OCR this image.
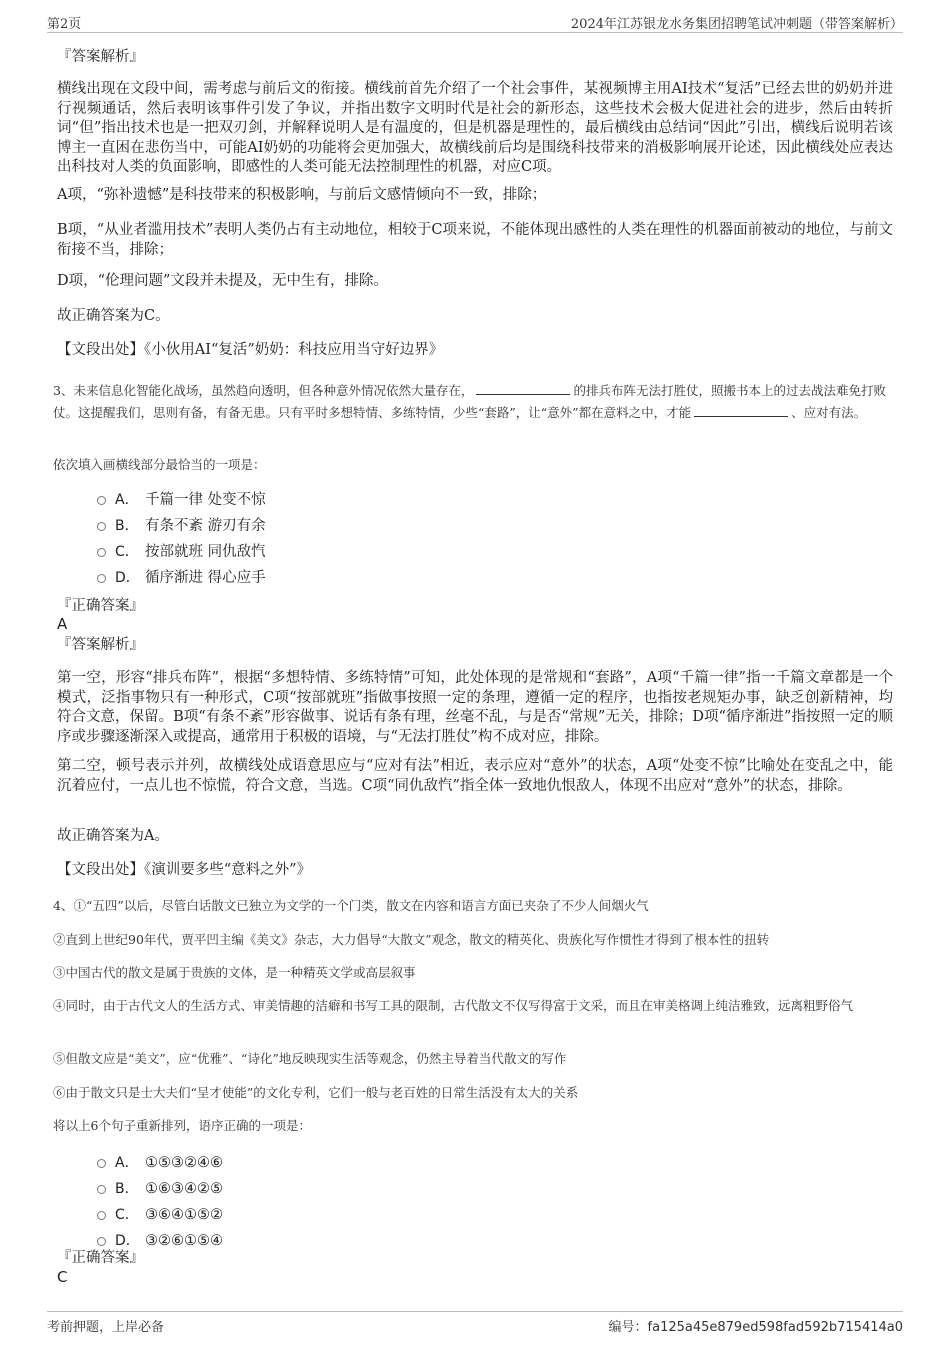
第2页	2024年江苏银龙水务集团招聘笔试冲刺题（带答案解析）

『答案解析』

横线出现在文段中间，需考虑与前后文的衔接。横线前首先介绍了一个社会事件，某视频博主用AI技术“复活”已经去世的奶奶并进行视频通话，然后表明该事件引发了争议，并指出数字文明时代是社会的新形态，这些技术会极大促进社会的进步，然后由转折词“但”指出技术也是一把双刃剑，并解释说明人是有温度的，但是机器是理性的，最后横线由总结词“因此”引出，横线后说明若该博主一直困在悲伤当中，可能AI奶奶的功能将会更加强大，故横线前后均是围绕科技带来的消极影响展开论述，因此横线处应表达出科技对人类的负面影响，即感性的人类可能无法控制理性的机器，对应C项。

A项，“弥补遗憾”是科技带来的积极影响，与前后文感情倾向不一致，排除；

B项，“从业者滥用技术”表明人类仍占有主动地位，相较于C项来说，不能体现出感性的人类在理性的机器面前被动的地位，与前文衔接不当，排除；

D项，“伦理问题”文段并未提及，无中生有，排除。

故正确答案为C。

【文段出处】《小伙用AI“复活”奶奶：科技应用当守好边界》

3、未来信息化智能化战场，虽然趋向透明，但各种意外情况依然大量存在，	的排兵布阵无法打胜仗，照搬书本上的过去战法难免打败仗。这提醒我们，思则有备，有备无患。只有平时多想特情、多练特情，少些“套路”，让“意外”都在意料之中，才能	、应对有法。

依次填入画横线部分最恰当的一项是：

A． 千篇一律 处变不惊
B． 有条不紊 游刃有余
C． 按部就班 同仇敌忾
D． 循序渐进 得心应手

『正确答案』

A

『答案解析』

第一空，形容“排兵布阵”，根据“多想特情、多练特情”可知，此处体现的是常规和“套路”，A项“千篇一律”指一千篇文章都是一个模式，泛指事物只有一种形式，C项“按部就班”指做事按照一定的条理，遵循一定的程序，也指按老规矩办事，缺乏创新精神，均符合文意，保留。B项“有条不紊”形容做事、说话有条有理，丝毫不乱，与是否“常规”无关，排除；D项“循序渐进”指按照一定的顺序或步骤逐渐深入或提高，通常用于积极的语境，与“无法打胜仗”构不成对应，排除。

第二空，顿号表示并列，故横线处成语意思应与“应对有法”相近，表示应对“意外”的状态，A项“处变不惊”比喻处在变乱之中，能沉着应付，一点儿也不惊慌，符合文意，当选。C项“同仇敌忾”指全体一致地仇恨敌人，体现不出应对“意外”的状态，排除。

故正确答案为A。

【文段出处】《演训要多些“意料之外”》

4、①“五四”以后，尽管白话散文已独立为文学的一个门类，散文在内容和语言方面已夹杂了不少人间烟火气

②直到上世纪90年代，贾平凹主编《美文》杂志，大力倡导“大散文”观念，散文的精英化、贵族化写作惯性才得到了根本性的扭转

③中国古代的散文是属于贵族的文体，是一种精英文学或高层叙事

④同时，由于古代文人的生活方式、审美情趣的洁癖和书写工具的限制，古代散文不仅写得富于文采，而且在审美格调上纯洁雅致，远离粗野俗气

⑤但散文应是“美文”，应“优雅”、“诗化”地反映现实生活等观念，仍然主导着当代散文的写作

⑥由于散文只是士大夫们“呈才使能”的文化专利，它们一般与老百姓的日常生活没有太大的关系

将以上6个句子重新排列，语序正确的一项是：

A． ①⑤③②④⑥
B． ①⑥③④②⑤
C． ③⑥④①⑤②
D． ③②⑥①⑤④

『正确答案』

C

考前押题，上岸必备	编号：fa125a45e879ed598fad592b715414a0
